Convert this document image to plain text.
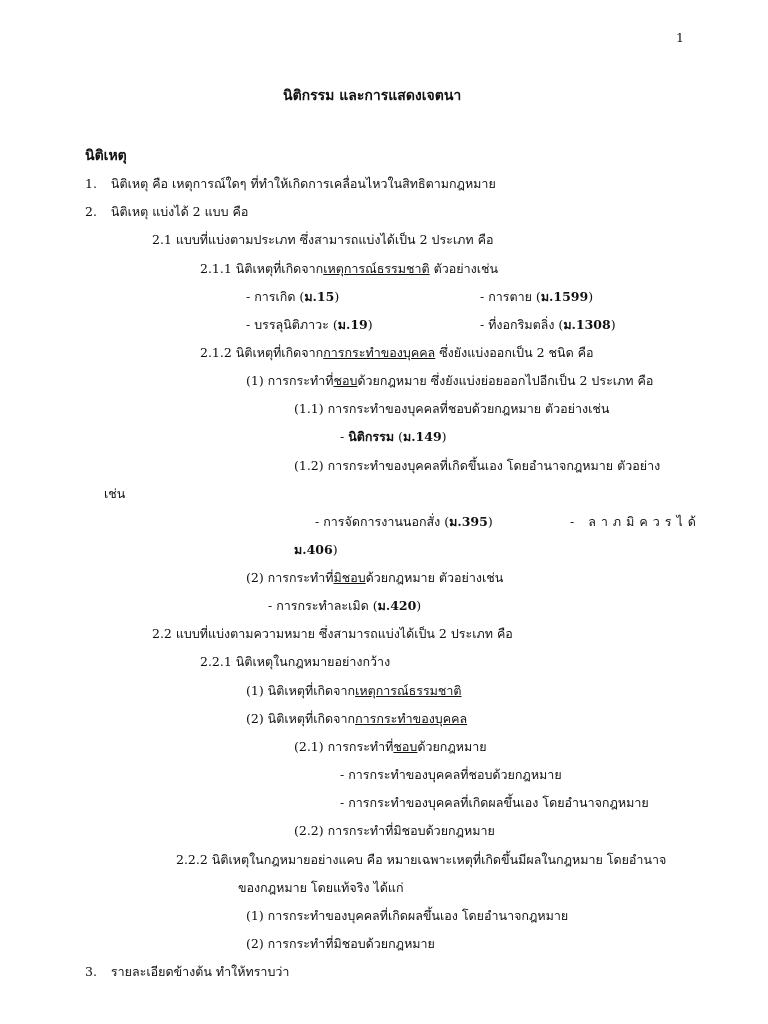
1
นิติกรรม และการแสดงเจตนา
นิติเหตุ
1. นิติเหตุ คือ เหตุการณ์ใดๆ ที่ทำให้เกิดการเคลื่อนไหวในสิทธิตามกฎหมาย
2. นิติเหตุ แบ่งได้ 2 แบบ คือ
2.1 แบบที่แบ่งตามประเภท ซึ่งสามารถแบ่งได้เป็น 2 ประเภท คือ
2.1.1 นิติเหตุที่เกิดจากเหตุการณ์ธรรมชาติ ตัวอย่างเช่น
- การเกิด (ม.15)	- การตาย (ม.1599)
- บรรลุนิติภาวะ (ม.19)	- ที่งอกริมตลิ่ง (ม.1308)
2.1.2 นิติเหตุที่เกิดจากการกระทำของบุคคล ซึ่งยังแบ่งออกเป็น 2 ชนิด คือ
(1) การกระทำที่ชอบด้วยกฎหมาย ซึ่งยังแบ่งย่อยออกไปอีกเป็น 2 ประเภท คือ
(1.1) การกระทำของบุคคลที่ชอบด้วยกฎหมาย ตัวอย่างเช่น
- นิติกรรม (ม.149)
(1.2) การกระทำของบุคคลที่เกิดขึ้นเอง โดยอำนาจกฎหมาย ตัวอย่าง
เช่น
- การจัดการงานนอกสั่ง (ม.395)	- ลาภมิควรได้
ม.406)
(2) การกระทำที่มิชอบด้วยกฎหมาย ตัวอย่างเช่น
- การกระทำละเมิด (ม.420)
2.2 แบบที่แบ่งตามความหมาย ซึ่งสามารถแบ่งได้เป็น 2 ประเภท คือ
2.2.1 นิติเหตุในกฎหมายอย่างกว้าง
(1) นิติเหตุที่เกิดจากเหตุการณ์ธรรมชาติ
(2) นิติเหตุที่เกิดจากการกระทำของบุคคล
(2.1) การกระทำที่ชอบด้วยกฎหมาย
- การกระทำของบุคคลที่ชอบด้วยกฎหมาย
- การกระทำของบุคคลที่เกิดผลขึ้นเอง โดยอำนาจกฎหมาย
(2.2) การกระทำที่มิชอบด้วยกฎหมาย
2.2.2 นิติเหตุในกฎหมายอย่างแคบ คือ หมายเฉพาะเหตุที่เกิดขึ้นมีผลในกฎหมาย โดยอำนาจ
ของกฎหมาย โดยแท้จริง ได้แก่
(1) การกระทำของบุคคลที่เกิดผลขึ้นเอง โดยอำนาจกฎหมาย
(2) การกระทำที่มิชอบด้วยกฎหมาย
3. รายละเอียดข้างต้น ทำให้ทราบว่า
